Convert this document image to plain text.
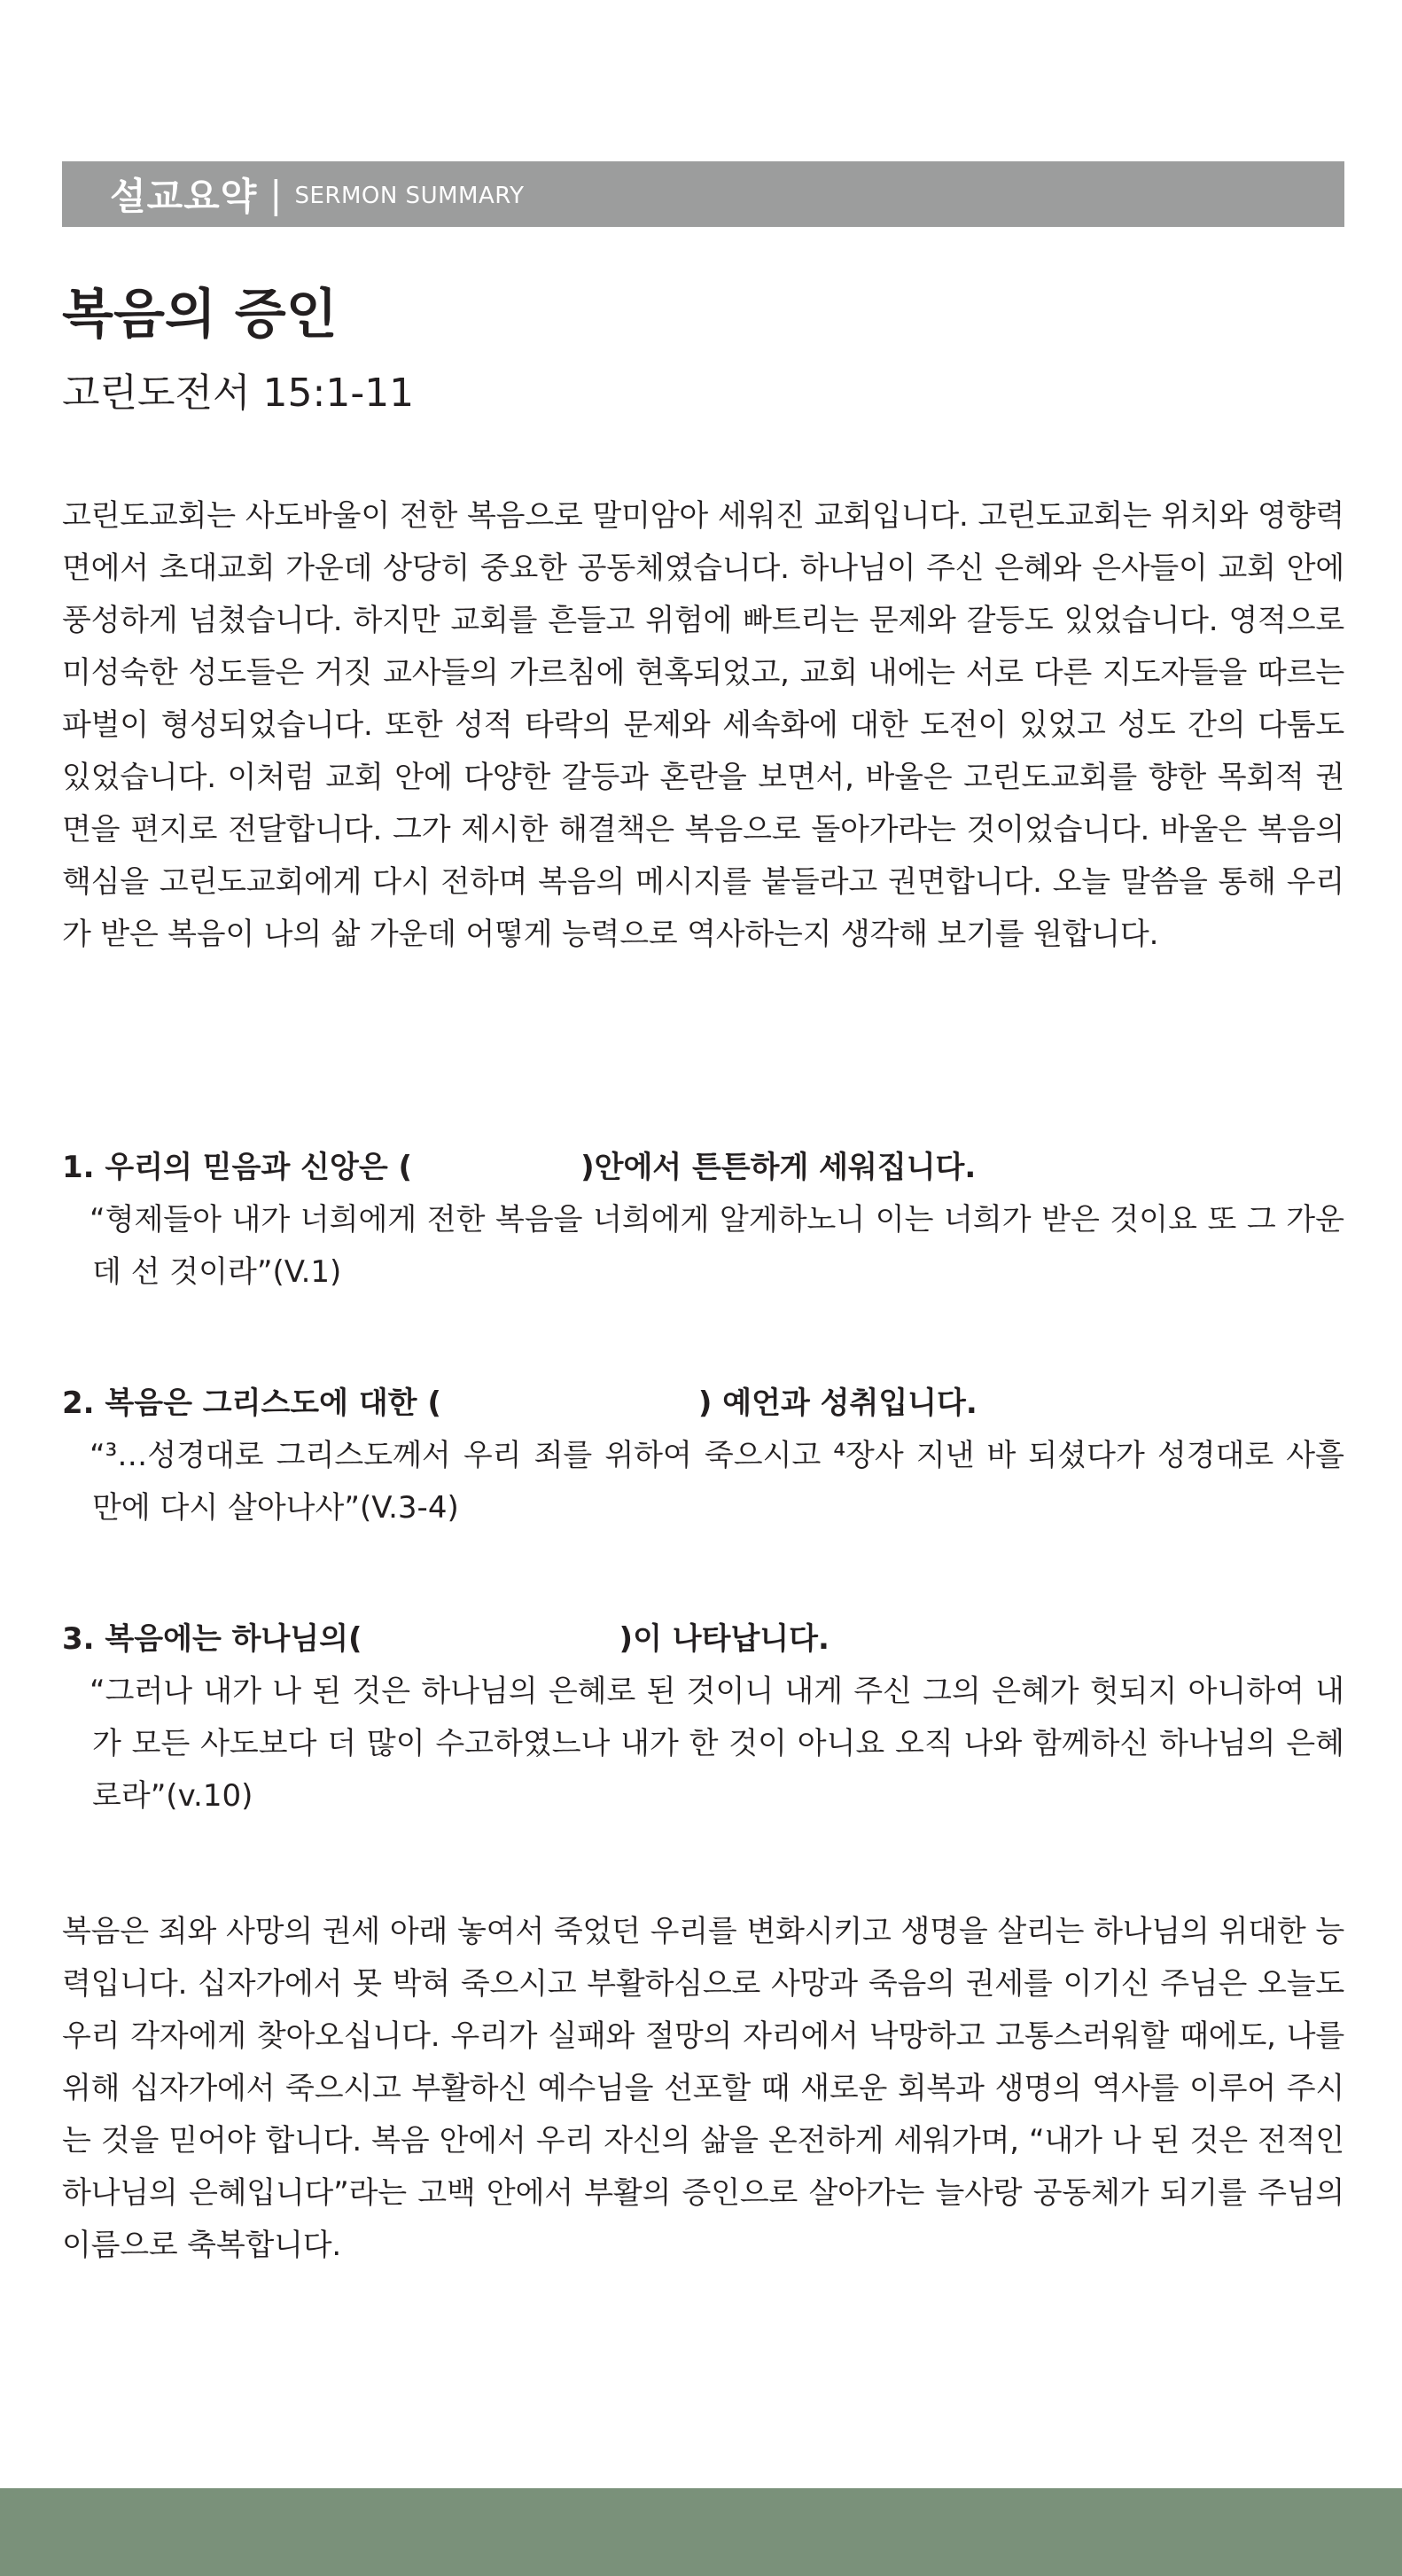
설교요약 | SERMON SUMMARY
복음의 증인
고린도전서 15:1-11

고린도교회는 사도바울이 전한 복음으로 말미암아 세워진 교회입니다. 고린도교회는 위치와 영향력 면에서 초대교회 가운데 상당히 중요한 공동체였습니다. 하나님이 주신 은혜와 은사들이 교회 안에 풍성하게 넘쳤습니다. 하지만 교회를 흔들고 위험에 빠트리는 문제와 갈등도 있었습니다. 영적으로 미성숙한 성도들은 거짓 교사들의 가르침에 현혹되었고, 교회 내에는 서로 다른 지도자들을 따르는 파벌이 형성되었습니다. 또한 성적 타락의 문제와 세속화에 대한 도전이 있었고 성도 간의 다툼도 있었습니다. 이처럼 교회 안에 다양한 갈등과 혼란을 보면서, 바울은 고린도교회를 향한 목회적 권면을 편지로 전달합니다. 그가 제시한 해결책은 복음으로 돌아가라는 것이었습니다. 바울은 복음의 핵심을 고린도교회에게 다시 전하며 복음의 메시지를 붙들라고 권면합니다. 오늘 말씀을 통해 우리가 받은 복음이 나의 삶 가운데 어떻게 능력으로 역사하는지 생각해 보기를 원합니다.

1. 우리의 믿음과 신앙은 (	)안에서 튼튼하게 세워집니다.

“형제들아 내가 너희에게 전한 복음을 너희에게 알게하노니 이는 너희가 받은 것이요 또 그 가운데 선 것이라”(V.1)

2. 복음은 그리스도에 대한 (	) 예언과 성취입니다.

“³…성경대로 그리스도께서 우리 죄를 위하여 죽으시고 ⁴장사 지낸 바 되셨다가 성경대로 사흘 만에 다시 살아나사”(V.3-4)

3. 복음에는 하나님의(	)이 나타납니다.

“그러나 내가 나 된 것은 하나님의 은혜로 된 것이니 내게 주신 그의 은혜가 헛되지 아니하여 내가 모든 사도보다 더 많이 수고하였느나 내가 한 것이 아니요 오직 나와 함께하신 하나님의 은혜로라”(v.10)

복음은 죄와 사망의 권세 아래 놓여서 죽었던 우리를 변화시키고 생명을 살리는 하나님의 위대한 능력입니다. 십자가에서 못 박혀 죽으시고 부활하심으로 사망과 죽음의 권세를 이기신 주님은 오늘도 우리 각자에게 찾아오십니다. 우리가 실패와 절망의 자리에서 낙망하고 고통스러워할 때에도, 나를 위해 십자가에서 죽으시고 부활하신 예수님을 선포할 때 새로운 회복과 생명의 역사를 이루어 주시는 것을 믿어야 합니다. 복음 안에서 우리 자신의 삶을 온전하게 세워가며, “내가 나 된 것은 전적인 하나님의 은혜입니다”라는 고백 안에서 부활의 증인으로 살아가는 늘사랑 공동체가 되기를 주님의 이름으로 축복합니다.
